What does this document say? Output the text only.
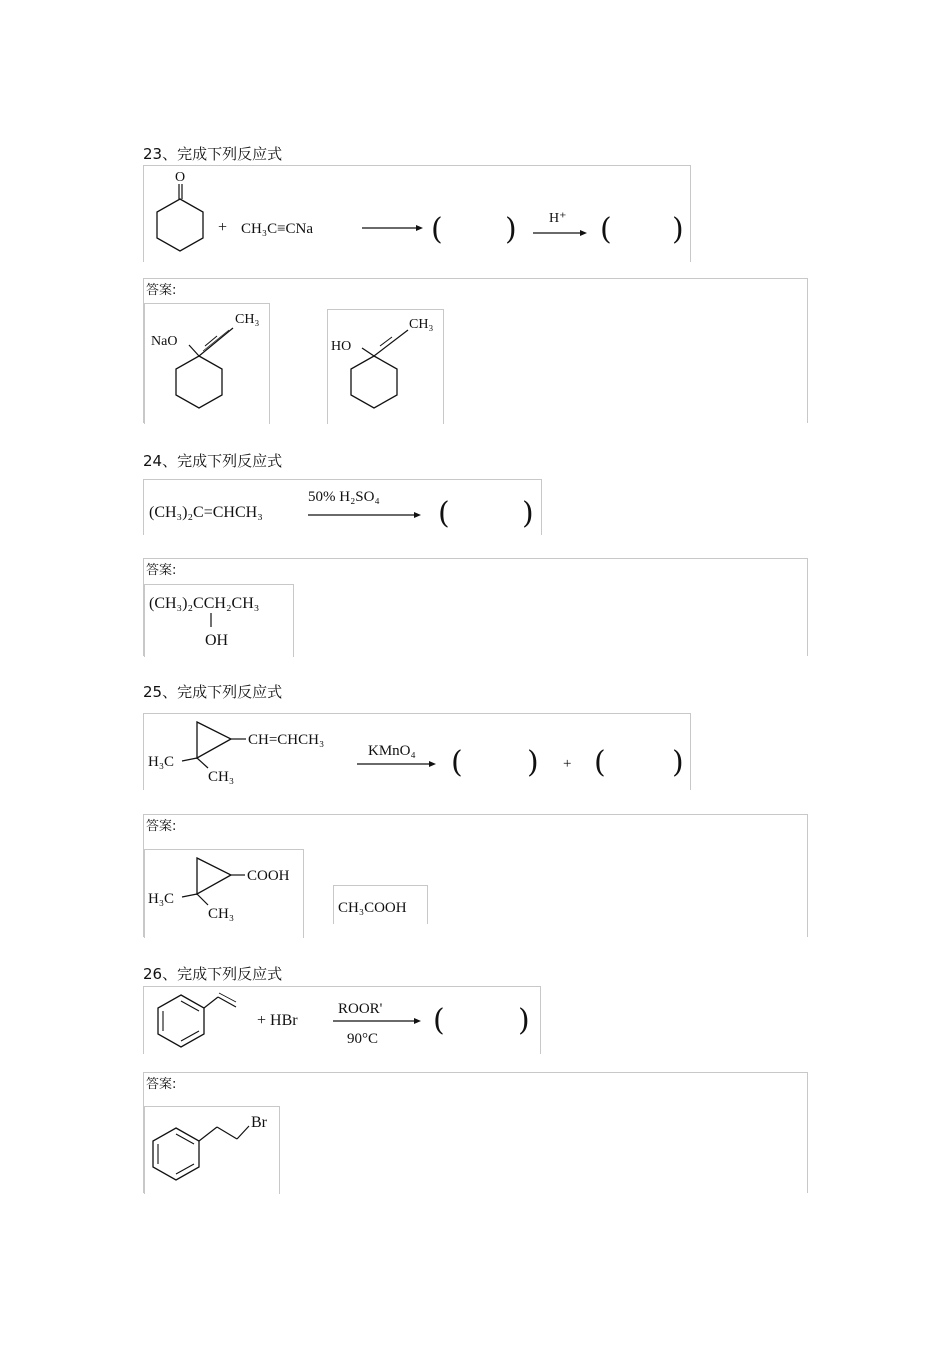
23、完成下列反应式
O
+ CH₃C≡CNa	( ) H⁺ ( )
答案:
NaO
CH₃
HO
CH₃
24、完成下列反应式
(CH₃)₂C=CHCH₃
50% H₂SO₄ ( )
答案:
(CH₃)₂CCH₂CH₃
OH
25、完成下列反应式
CH=CHCH₃
H₃C
CH₃
KMnO₄ ( ) + ( )
答案:
COOH
H₃C
CH₃	CH₃COOH
26、完成下列反应式
+ HBr
ROOR'
90°C
( )
答案:
Br
